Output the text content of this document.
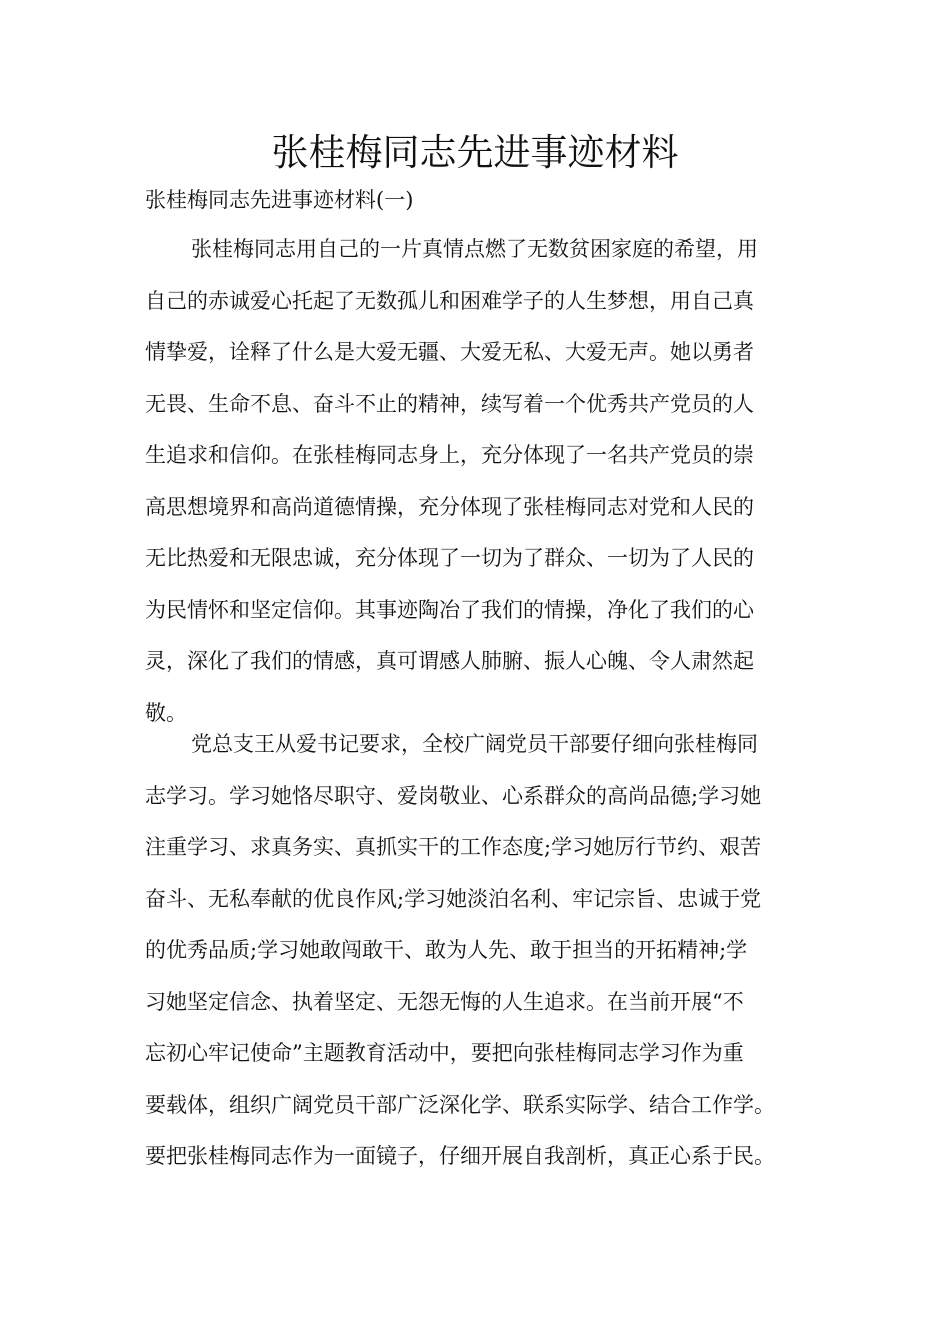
张桂梅同志先进事迹材料

张桂梅同志先进事迹材料(一)

张桂梅同志用自己的一片真情点燃了无数贫困家庭的希望，用
自己的赤诚爱心托起了无数孤儿和困难学子的人生梦想，用自己真
情挚爱，诠释了什么是大爱无疆、大爱无私、大爱无声。她以勇者
无畏、生命不息、奋斗不止的精神，续写着一个优秀共产党员的人
生追求和信仰。在张桂梅同志身上，充分体现了一名共产党员的崇
高思想境界和高尚道德情操，充分体现了张桂梅同志对党和人民的
无比热爱和无限忠诚，充分体现了一切为了群众、一切为了人民的
为民情怀和坚定信仰。其事迹陶冶了我们的情操，净化了我们的心
灵，深化了我们的情感，真可谓感人肺腑、振人心魄、令人肃然起
敬。
党总支王从爱书记要求，全校广阔党员干部要仔细向张桂梅同
志学习。学习她恪尽职守、爱岗敬业、心系群众的高尚品德;学习她
注重学习、求真务实、真抓实干的工作态度;学习她厉行节约、艰苦
奋斗、无私奉献的优良作风;学习她淡泊名利、牢记宗旨、忠诚于党
的优秀品质;学习她敢闯敢干、敢为人先、敢于担当的开拓精神;学
习她坚定信念、执着坚定、无怨无悔的人生追求。在当前开展“不
忘初心牢记使命”主题教育活动中，要把向张桂梅同志学习作为重
要载体，组织广阔党员干部广泛深化学、联系实际学、结合工作学。
要把张桂梅同志作为一面镜子，仔细开展自我剖析，真正心系于民。
